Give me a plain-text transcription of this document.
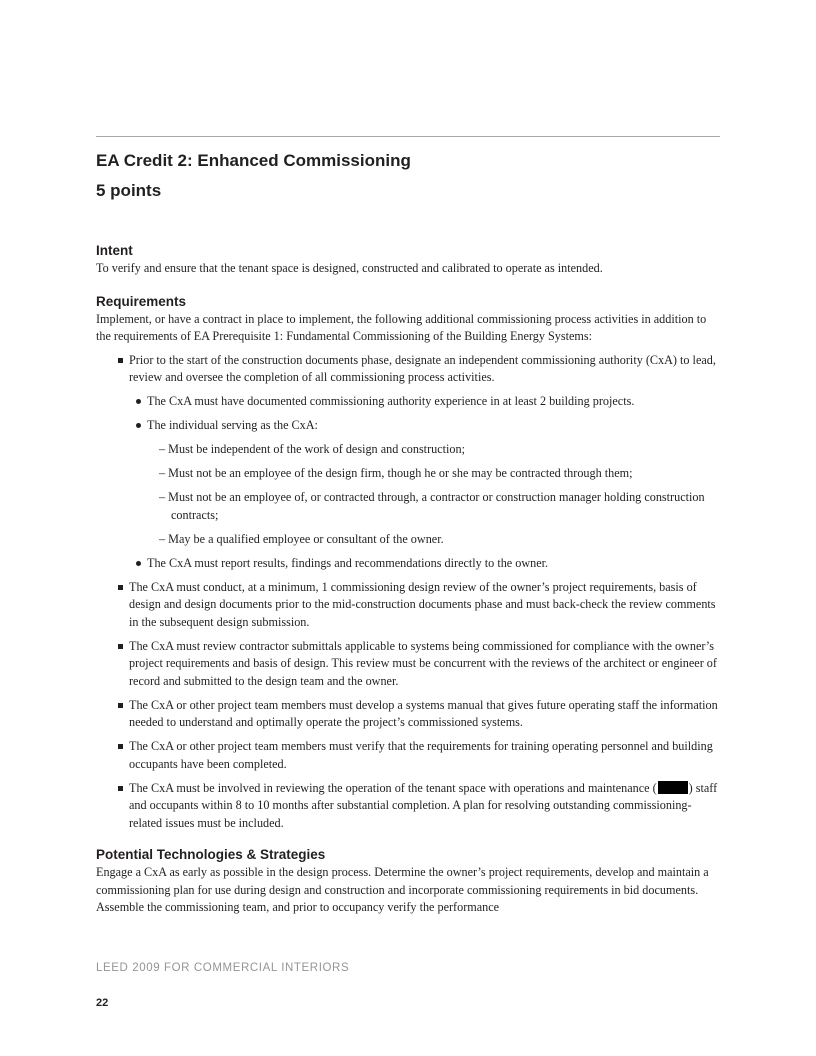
EA Credit 2: Enhanced Commissioning
5 points
Intent

To verify and ensure that the tenant space is designed, constructed and calibrated to operate as intended.

Requirements

Implement, or have a contract in place to implement, the following additional commissioning process activities in addition to the requirements of EA Prerequisite 1: Fundamental Commissioning of the Building Energy Systems:

Prior to the start of the construction documents phase, designate an independent commissioning authority (CxA) to lead, review and oversee the completion of all commissioning process activities.
The CxA must have documented commissioning authority experience in at least 2 building projects.
The individual serving as the CxA:
– Must be independent of the work of design and construction;
– Must not be an employee of the design firm, though he or she may be contracted through them;
– Must not be an employee of, or contracted through, a contractor or construction manager holding construction contracts;
– May be a qualified employee or consultant of the owner.
The CxA must report results, findings and recommendations directly to the owner.
The CxA must conduct, at a minimum, 1 commissioning design review of the owner’s project requirements, basis of design and design documents prior to the mid-construction documents phase and must back-check the review comments in the subsequent design submission.
The CxA must review contractor submittals applicable to systems being commissioned for compliance with the owner’s project requirements and basis of design. This review must be concurrent with the reviews of the architect or engineer of record and submitted to the design team and the owner.
The CxA or other project team members must develop a systems manual that gives future operating staff the information needed to understand and optimally operate the project’s commissioned systems.
The CxA or other project team members must verify that the requirements for training operating personnel and building occupants have been completed.
The CxA must be involved in reviewing the operation of the tenant space with operations and maintenance (	) staff and occupants within 8 to 10 months after substantial completion. A plan for resolving outstanding commissioning-related issues must be included.
Potential Technologies & Strategies

Engage a CxA as early as possible in the design process. Determine the owner’s project requirements, develop and maintain a commissioning plan for use during design and construction and incorporate commissioning requirements in bid documents. Assemble the commissioning team, and prior to occupancy verify the performance

LEED 2009 FOR COMMERCIAL INTERIORS
22
